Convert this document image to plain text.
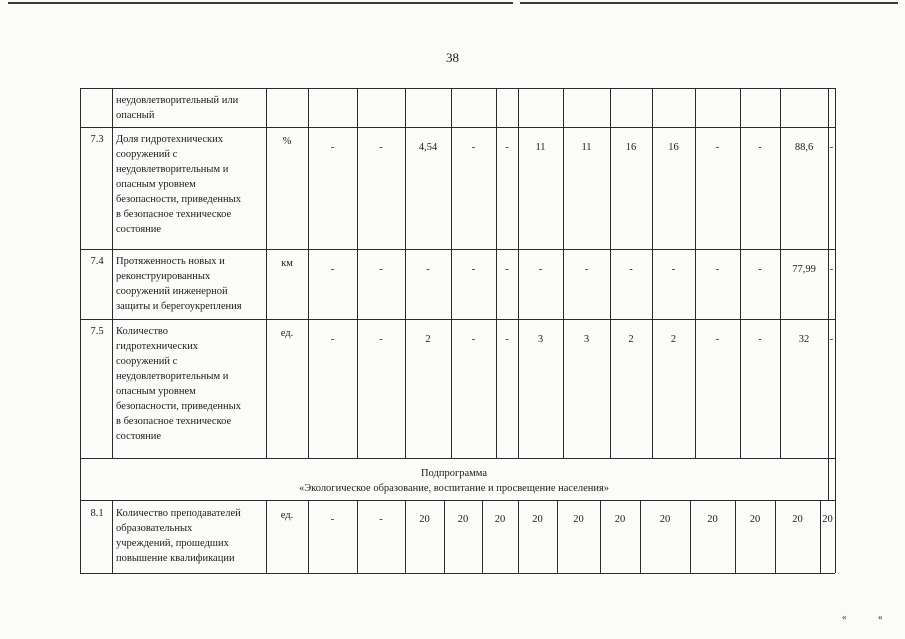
38
неудовлетворительный или
опасный
7.3	Доля гидротехнических
сооружений с
неудовлетворительным и
опасным уровнем
безопасности, приведенных
в безопасное техническое
состояние
%
-	-	4,54	-	-	11	11	16	16	-	-	88,6	-
7.4	Протяженность новых и
реконструированных
сооружений инженерной
защиты и берегоукрепления
км
-	-	-	-	-	-	-	-	-	-	-	77,99	-
7.5	Количество
гидротехнических
сооружений с
неудовлетворительным и
опасным уровнем
безопасности, приведенных
в безопасное техническое
состояние
ед.
-	-	2	-	-	3	3	2	2	-	-	32	-
Подпрограмма
«Экологическое образование, воспитание и просвещение населения»
8.1	Количество преподавателей
образовательных
учреждений, прошедших
повышение квалификации
ед.	-	-	20	20	20	20	20	20	20	20	20	20	20
«	«
